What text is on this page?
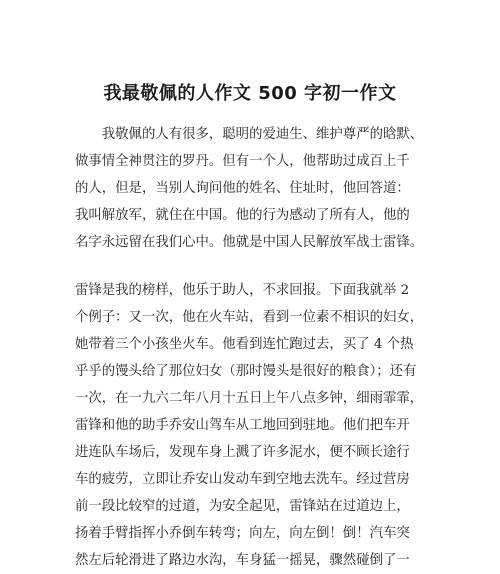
我最敬佩的人作文 500 字初一作文
　　我敬佩的人有很多，聪明的爱迪生、维护尊严的晗默、
做事情全神贯注的罗丹。但有一个人，他帮助过成百上千
的人，但是，当别人询问他的姓名、住址时，他回答道：
我叫解放军，就住在中国。他的行为感动了所有人，他的
名字永远留在我们心中。他就是中国人民解放军战士雷锋。
雷锋是我的榜样，他乐于助人，不求回报。下面我就举 2
个例子：又一次，他在火车站，看到一位素不相识的妇女，
她带着三个小孩坐火车。他看到连忙跑过去，买了 4 个热
乎乎的馒头给了那位妇女（那时馒头是很好的粮食）；还有
一次，在一九六二年八月十五日上午八点多钟，细雨霏霏，
雷锋和他的助手乔安山驾车从工地回到驻地。他们把车开
进连队车场后，发现车身上溅了许多泥水，便不顾长途行
车的疲劳，立即让乔安山发动车到空地去洗车。经过营房
前一段比较窄的过道，为安全起见，雷锋站在过道边上，
扬着手臂指挥小乔倒车转弯；向左，向左倒！倒！汽车突
然左后轮滑进了路边水沟，车身猛一摇晃，骤然碰倒了一
